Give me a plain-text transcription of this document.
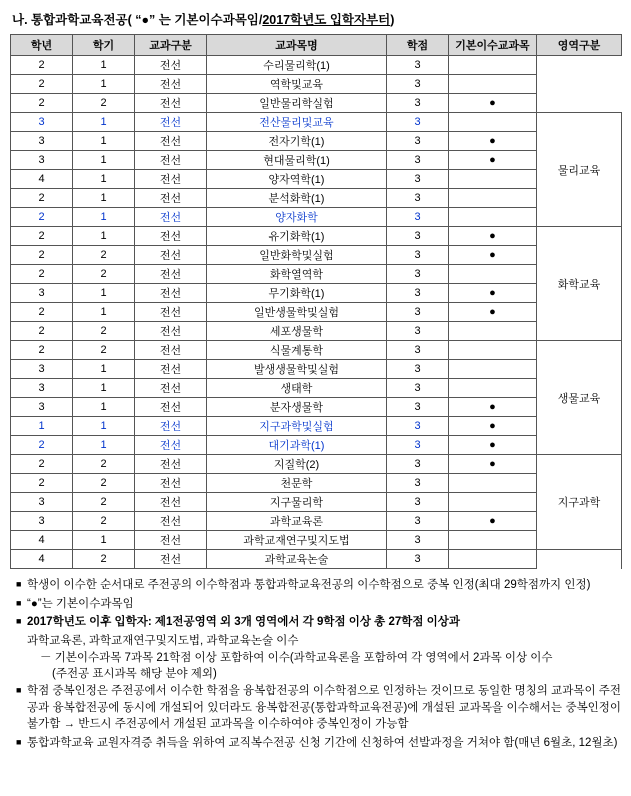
나. 통합과학교육전공( “●” 는 기본이수과목임/2017학년도 입학자부터)
학년	학기	교과구분	교과목명	학점	기본이수교과목	영역구분	
2	1	전선	수리물리학(1)	3			
2	1	전선	역학및교육	3			
2	2	전선	일반물리학실험	3	●		
3	1	전선	전산물리및교육	3		물리교육	
3	1	전선	전자기학(1)	3	●		
3	1	전선	현대물리학(1)	3	●		
4	1	전선	양자역학(1)	3			
2	1	전선	분석화학(1)	3			
2	1	전선	양자화학	3			
2	1	전선	유기화학(1)	3	●	화학교육	
2	2	전선	일반화학및실험	3	●		
2	2	전선	화학열역학	3			
3	1	전선	무기화학(1)	3	●		
2	1	전선	일반생물학및실험	3	●		
2	2	전선	세포생물학	3			
2	2	전선	식물계통학	3		생물교육	
3	1	전선	발생생물학및실험	3			
3	1	전선	생태학	3			
3	1	전선	분자생물학	3	●		
1	1	전선	지구과학및실험	3	●		
2	1	전선	대기과학(1)	3	●		
2	2	전선	지질학(2)	3	●	지구과학	
2	2	전선	천문학	3			
3	2	전선	지구물리학	3			
3	2	전선	과학교육론	3	●		
4	1	전선	과학교재연구및지도법	3		

4	2	전선	과학교육논술	3			
■ 학생이 이수한 순서대로 주전공의 이수학점과 통합과학교육전공의 이수학점으로 중복 인정(최대 29학점까지 인정)
■ “●”는 기본이수과목임
■ 2017학년도 이후 입학자: 제1전공영역 외 3개 영역에서 각 9학점 이상 총 27학점 이상과
과학교육론, 과학교재연구및지도법, 과학교육논술 이수
－ 기본이수과목 7과목 21학점 이상 포함하여 이수(과학교육론을 포함하여 각 영역에서 2과목 이상 이수
(주전공 표시과목 해당 분야 제외)
■ 학점 중복인정은 주전공에서 이수한 학점을 융복합전공의 이수학점으로 인정하는 것이므로 동일한 명칭의 교과목이 주전공과 융복합전공에 동시에 개설되어 있더라도 융복합전공(통합과학교육전공)에 개설된 교과목을 이수해서는 중복인정이 불가함 → 반드시 주전공에서 개설된 교과목을 이수하여야 중복인정이 가능함
■ 통합과학교육 교원자격증 취득을 위하여 교직복수전공 신청 기간에 신청하여 선발과정을 거쳐야 함(매년 6월초, 12월초)
